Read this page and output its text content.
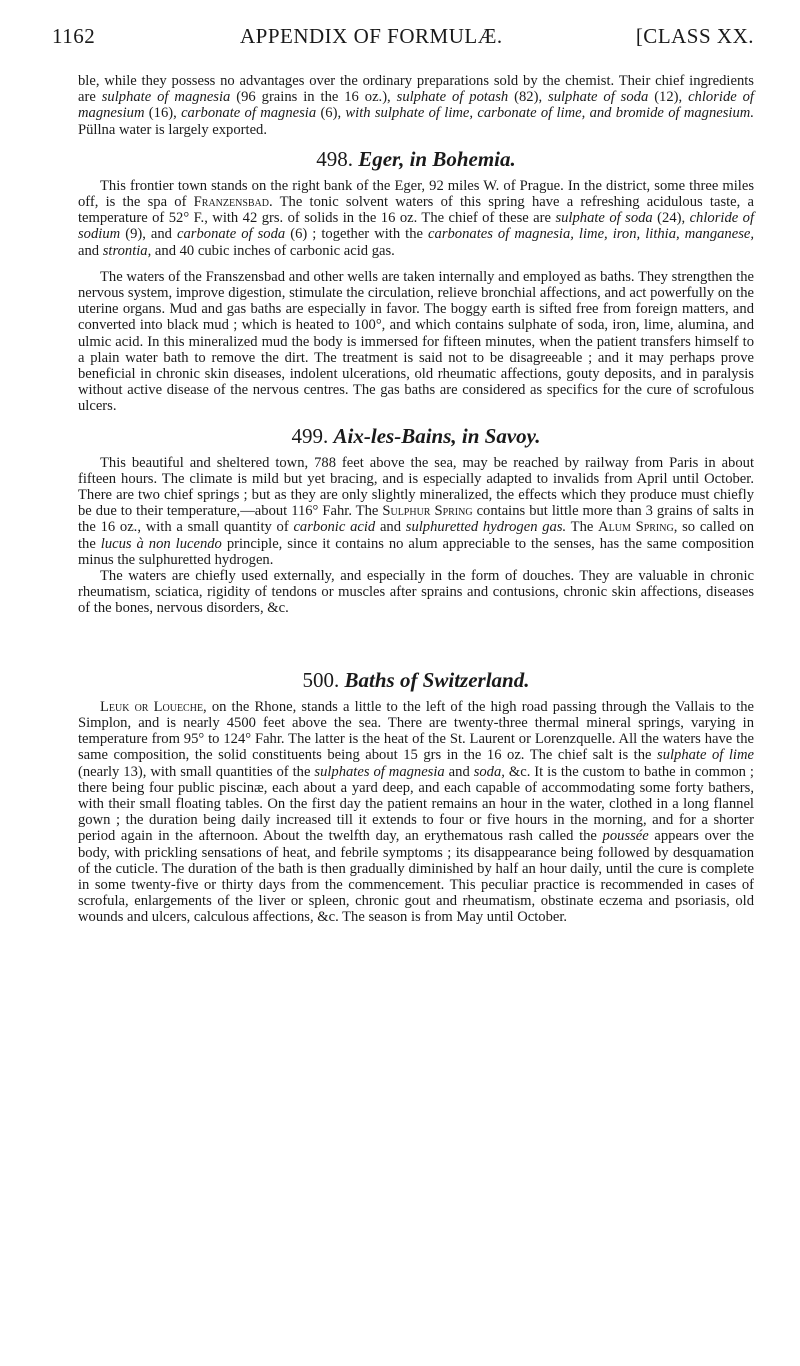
1162	APPENDIX OF FORMULÆ.	[CLASS XX.

ble, while they possess no advantages over the ordinary preparations sold by the chemist. Their chief ingredients are sulphate of magnesia (96 grains in the 16 oz.), sulphate of potash (82), sulphate of soda (12), chloride of magnesium (16), carbonate of magnesia (6), with sulphate of lime, carbonate of lime, and bromide of magnesium. Püllna water is largely exported.

498. Eger, in Bohemia.

This frontier town stands on the right bank of the Eger, 92 miles W. of Prague. In the district, some three miles off, is the spa of Franzensbad. The tonic solvent waters of this spring have a refreshing acidulous taste, a temperature of 52° F., with 42 grs. of solids in the 16 oz. The chief of these are sulphate of soda (24), chloride of sodium (9), and carbonate of soda (6) ; together with the carbonates of magnesia, lime, iron, lithia, manganese, and strontia, and 40 cubic inches of carbonic acid gas.

The waters of the Franszensbad and other wells are taken internally and employed as baths. They strengthen the nervous system, improve digestion, stimulate the circulation, relieve bronchial affections, and act powerfully on the uterine organs. Mud and gas baths are especially in favor. The boggy earth is sifted free from foreign matters, and converted into black mud ; which is heated to 100°, and which contains sulphate of soda, iron, lime, alumina, and ulmic acid. In this mineralized mud the body is immersed for fifteen minutes, when the patient transfers himself to a plain water bath to remove the dirt. The treatment is said not to be disagreeable ; and it may perhaps prove beneficial in chronic skin diseases, indolent ulcerations, old rheumatic affections, gouty deposits, and in paralysis without active disease of the nervous centres. The gas baths are considered as specifics for the cure of scrofulous ulcers.

499. Aix-les-Bains, in Savoy.

This beautiful and sheltered town, 788 feet above the sea, may be reached by railway from Paris in about fifteen hours. The climate is mild but yet bracing, and is especially adapted to invalids from April until October. There are two chief springs ; but as they are only slightly mineralized, the effects which they produce must chiefly be due to their temperature,—about 116° Fahr. The Sulphur Spring contains but little more than 3 grains of salts in the 16 oz., with a small quantity of carbonic acid and sulphuretted hydrogen gas. The Alum Spring, so called on the lucus à non lucendo principle, since it contains no alum appreciable to the senses, has the same composition minus the sulphuretted hydrogen.

The waters are chiefly used externally, and especially in the form of douches. They are valuable in chronic rheumatism, sciatica, rigidity of tendons or muscles after sprains and contusions, chronic skin affections, diseases of the bones, nervous disorders, &c.

500. Baths of Switzerland.

Leuk or Loueche, on the Rhone, stands a little to the left of the high road passing through the Vallais to the Simplon, and is nearly 4500 feet above the sea. There are twenty-three thermal mineral springs, varying in temperature from 95° to 124° Fahr. The latter is the heat of the St. Laurent or Lorenzquelle. All the waters have the same composition, the solid constituents being about 15 grs in the 16 oz. The chief salt is the sulphate of lime (nearly 13), with small quantities of the sulphates of magnesia and soda, &c. It is the custom to bathe in common ; there being four public piscinæ, each about a yard deep, and each capable of accommodating some forty bathers, with their small floating tables. On the first day the patient remains an hour in the water, clothed in a long flannel gown ; the duration being daily increased till it extends to four or five hours in the morning, and for a shorter period again in the afternoon. About the twelfth day, an erythematous rash called the poussée appears over the body, with prickling sensations of heat, and febrile symptoms ; its disappearance being followed by desquamation of the cuticle. The duration of the bath is then gradually diminished by half an hour daily, until the cure is complete in some twenty-five or thirty days from the commencement. This peculiar practice is recommended in cases of scrofula, enlargements of the liver or spleen, chronic gout and rheumatism, obstinate eczema and psoriasis, old wounds and ulcers, calculous affections, &c. The season is from May until October.
